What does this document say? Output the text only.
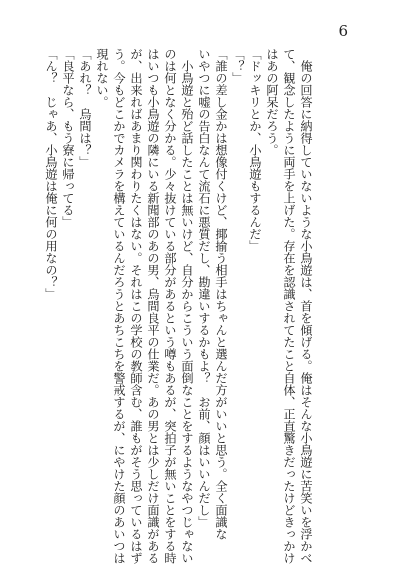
6
　俺の回答に納得していないような小鳥遊は、首を傾げる。俺はそんな小鳥遊に苦笑いを浮かべ
て、観念したように両手を上げた。存在を認識されてたこと自体、正直驚きだったけどきっかけ
はあの阿呆だろう。
「ドッキリとか、小鳥遊もするんだ」
「？」
「誰の差し金かは想像付くけど、揶揄う相手はちゃんと選んだ方がいいと思う。全く面識な
いやつに嘘の告白なんて流石に悪質だし、勘違いするかもよ？　お前、顔はいいんだし」
　小鳥遊と殆ど話したことは無いけど、自分からこういう面倒なことをするようなやつじゃない
のは何となく分かる。少々抜けている部分があるという噂もあるが、突拍子が無いことをする時
はいつも小鳥遊の隣にいる新聞部のあの男、烏間良平の仕業だ。あの男とは少しだけ面識がある
が、出来ればあまり関わりたくはない。それはこの学校の教師含む、誰もがそう思っているはず
う。今もどこかでカメラを構えているんだろうとあちこちを警戒するが、にやけた顔のあいつは
現れない。
「あれ？　烏間は？」
「良平なら、もう寮に帰ってる」
「ん？　じゃあ、小鳥遊は俺に何の用なの？」
